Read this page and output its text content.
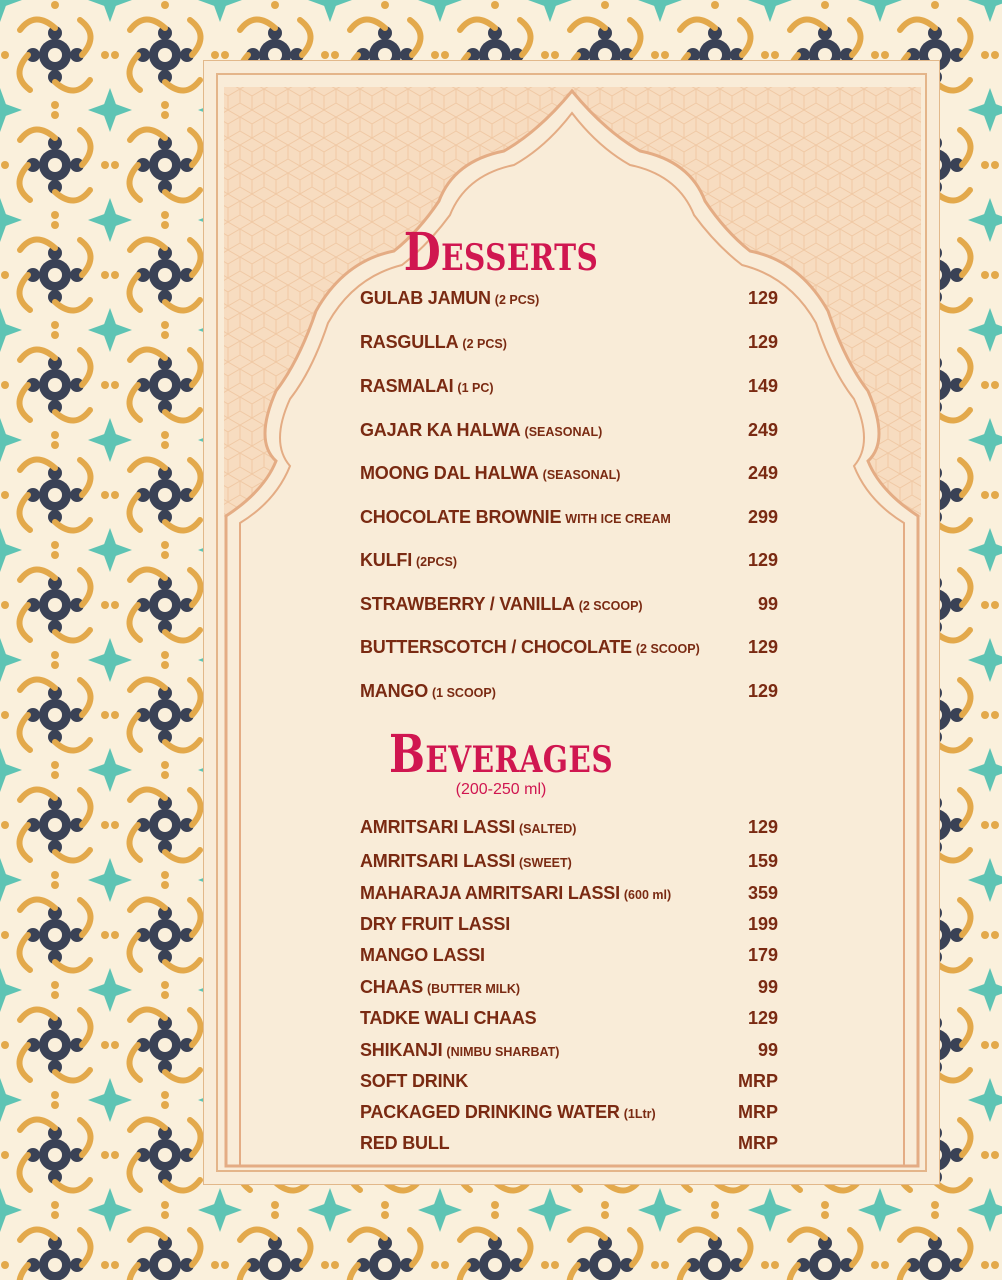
Desserts
GULAB JAMUN (2 PCS)	129
RASGULLA (2 PCS)	129
RASMALAI (1 PC)	149
GAJAR KA HALWA (SEASONAL)	249
MOONG DAL HALWA (SEASONAL)	249
CHOCOLATE BROWNIE WITH ICE CREAM	299
KULFI (2PCS)	129
STRAWBERRY / VANILLA (2 SCOOP)	99
BUTTERSCOTCH / CHOCOLATE (2 SCOOP)	129
MANGO (1 SCOOP)	129
Beverages
(200-250 ml)
AMRITSARI LASSI (SALTED)	129
AMRITSARI LASSI (SWEET)	159
MAHARAJA AMRITSARI LASSI (600 ml)	359
DRY FRUIT LASSI	199
MANGO LASSI	179
CHAAS (BUTTER MILK)	99
TADKE WALI CHAAS	129
SHIKANJI (NIMBU SHARBAT)	99
SOFT DRINK	MRP
PACKAGED DRINKING WATER (1Ltr)	MRP
RED BULL	MRP
